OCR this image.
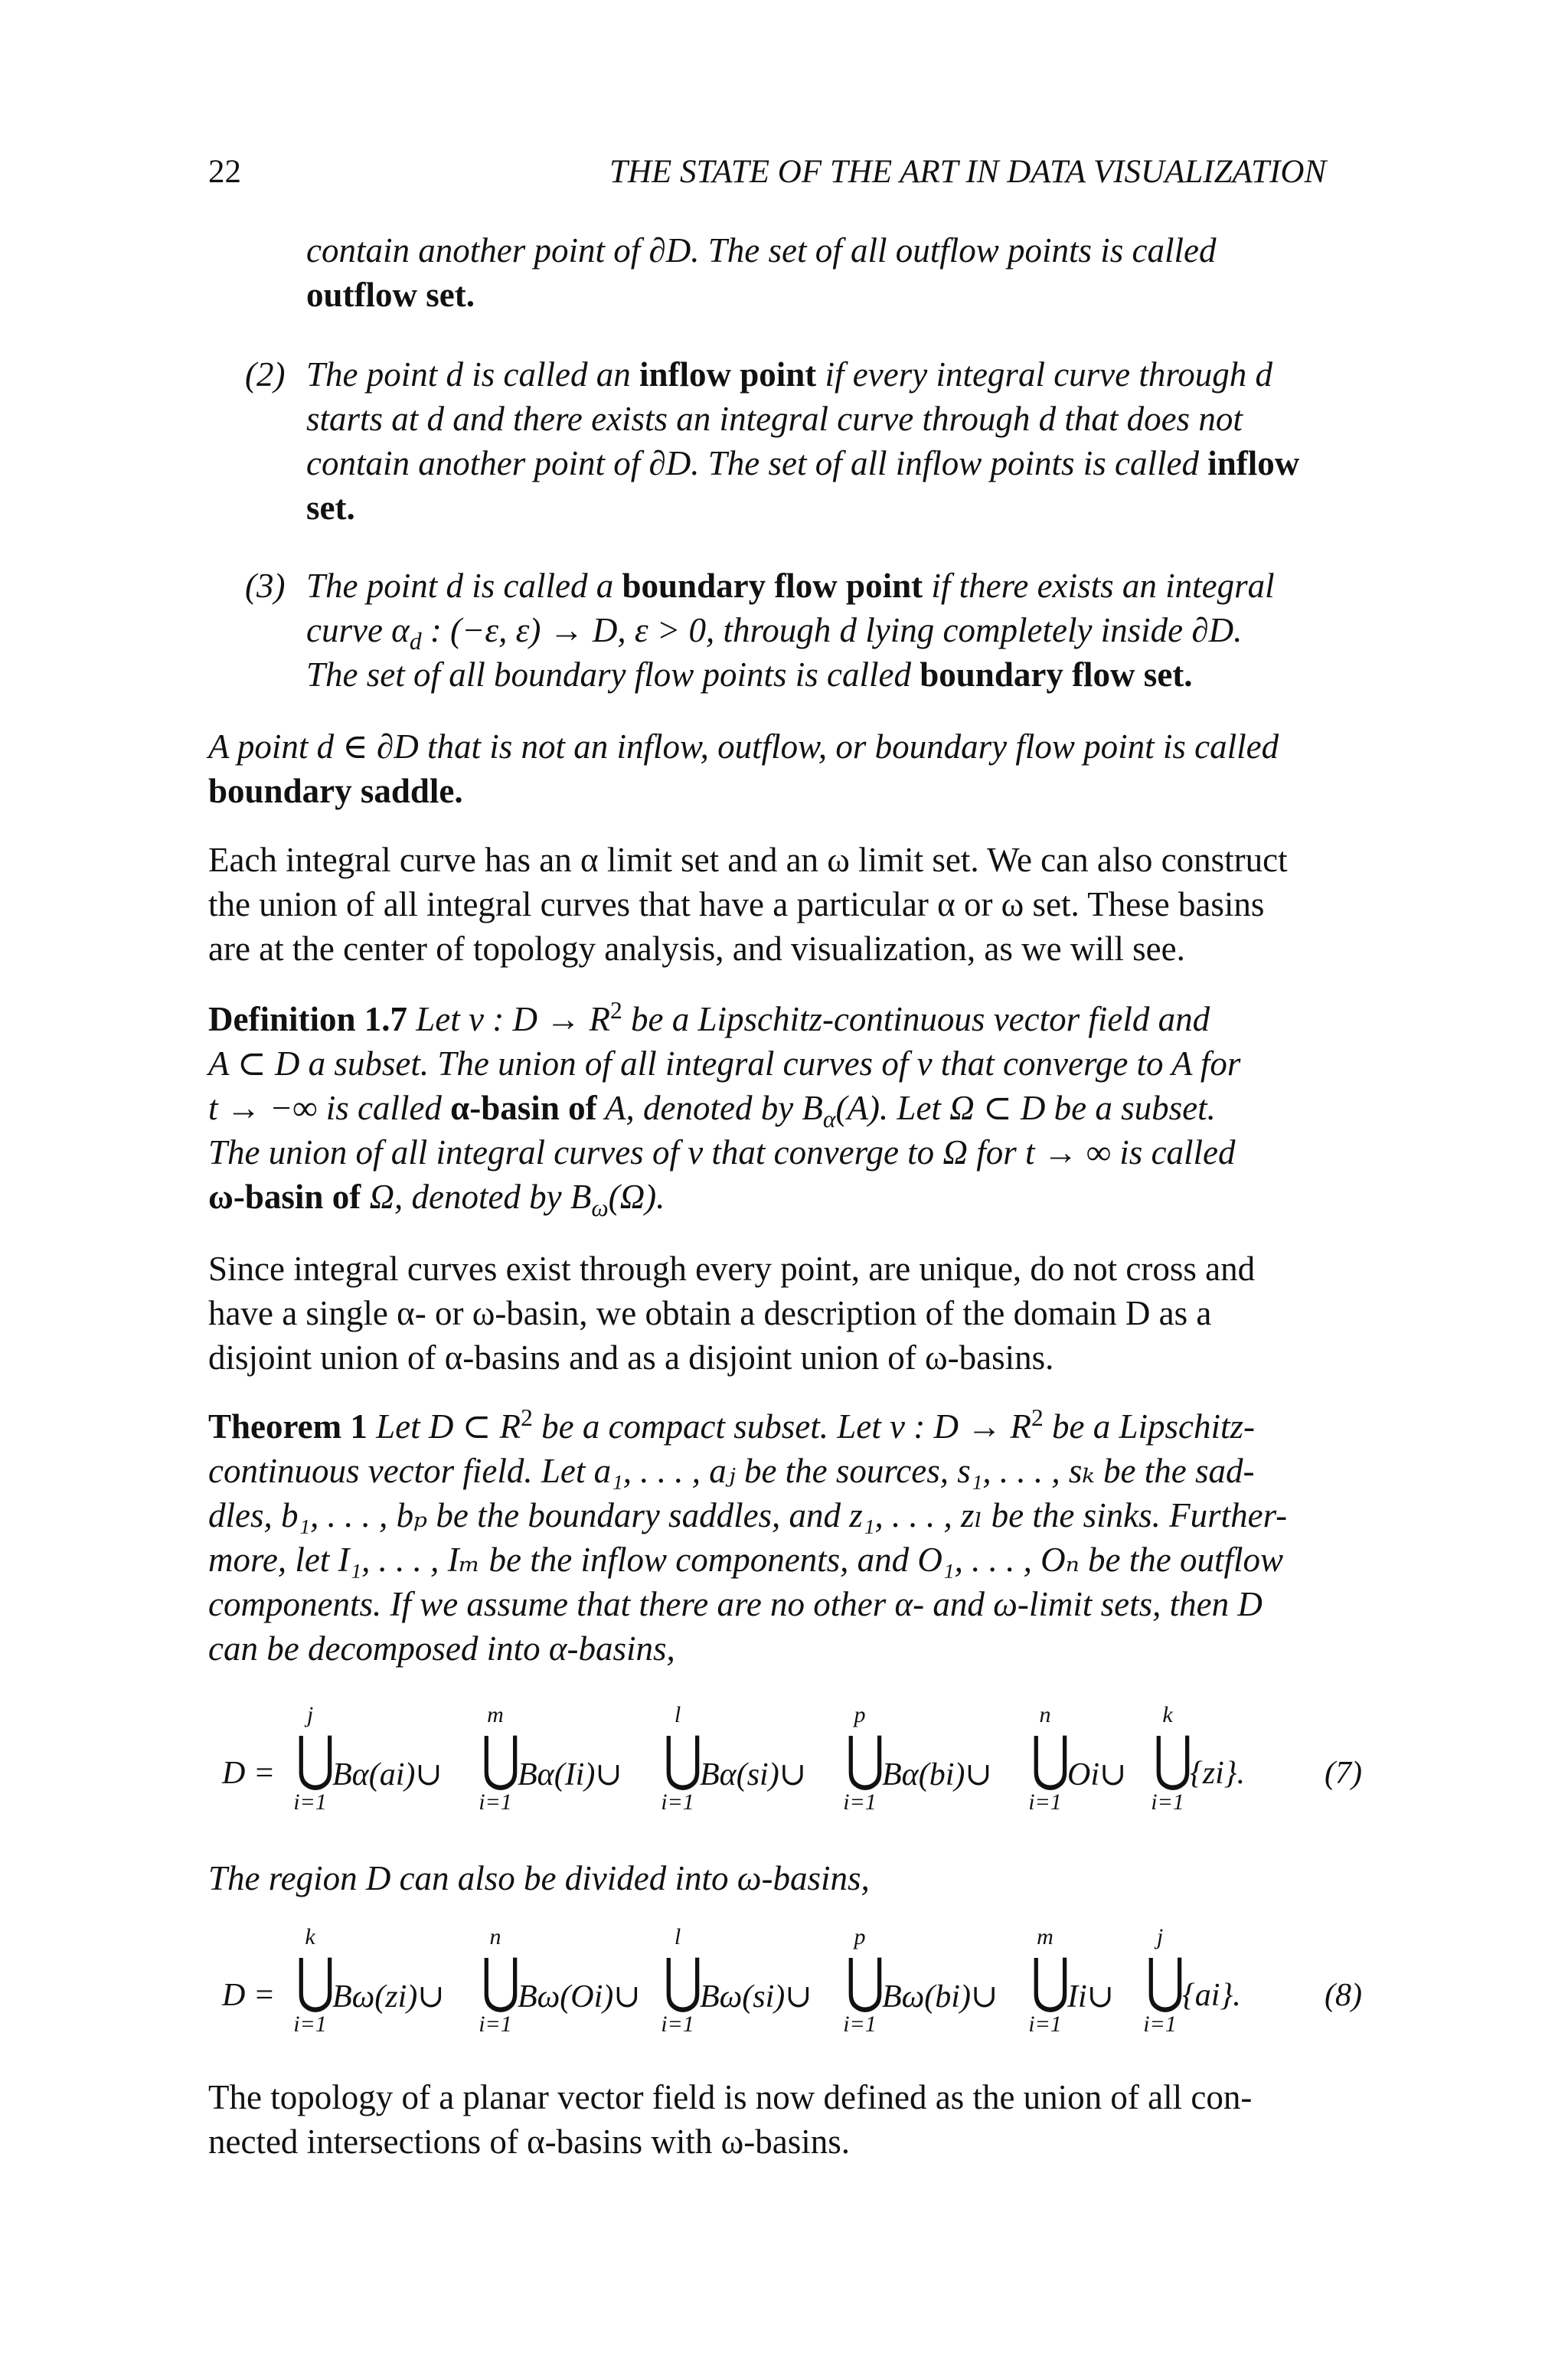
22	THE STATE OF THE ART IN DATA VISUALIZATION
contain another point of ∂D. The set of all outflow points is called
outflow set.
(2) The point d is called an inflow point if every integral curve through d
starts at d and there exists an integral curve through d that does not
contain another point of ∂D. The set of all inflow points is called inflow
set.
(3) The point d is called a boundary flow point if there exists an integral
curve $\alpha_d$ : (−ε, ε) → D, ε > 0, through d lying completely inside ∂D.
The set of all boundary flow points is called boundary flow set.
A point d ∈ ∂D that is not an inflow, outflow, or boundary flow point is called
boundary saddle.
Each integral curve has an α limit set and an ω limit set. We can also construct
the union of all integral curves that have a particular α or ω set. These basins
are at the center of topology analysis, and visualization, as we will see.
Definition 1.7 Let v : $D \to R^2$ be a Lipschitz-continuous vector field and
A ⊂ D a subset. The union of all integral curves of v that converge to A for
t → −∞ is called α-basin of A, denoted by $B_\alpha(A)$. Let Ω ⊂ D be a subset.
The union of all integral curves of v that converge to Ω for t → ∞ is called
ω-basin of Ω, denoted by $B_\omega(\Omega)$.
Since integral curves exist through every point, are unique, do not cross and
have a single α- or ω-basin, we obtain a description of the domain D as a
disjoint union of α-basins and as a disjoint union of ω-basins.
Theorem 1 Let D ⊂ $R^2$ be a compact subset. Let v : $D \to R^2$ be a Lipschitz-
continuous vector field. Let a₁, . . . , aⱼ be the sources, s₁, . . . , sₖ be the sad-
dles, b₁, . . . , bₚ be the boundary saddles, and z₁, . . . , zₗ be the sinks. Further-
more, let I₁, . . . , Iₘ be the inflow components, and O₁, . . . , Oₙ be the outflow
components. If we assume that there are no other α- and ω-limit sets, then D
can be decomposed into α-basins,
D =
j
⋃
i=1
Bα(ai)∪
m
⋃
i=1
Bα(Ii)∪
l
⋃
i=1
Bα(si)∪
p
⋃
i=1
Bα(bi)∪
n
⋃
i=1
Oi∪
k
⋃
i=1
{zi}. (7)
The region D can also be divided into ω-basins,
D =
k
⋃
i=1
Bω(zi)∪
n
⋃
i=1
Bω(Oi)∪
l
⋃
i=1
Bω(si)∪
p
⋃
i=1
Bω(bi)∪
m
⋃
i=1
Ii∪
j
⋃
i=1
{ai}.	(8)
The topology of a planar vector field is now defined as the union of all con-
nected intersections of α-basins with ω-basins.
